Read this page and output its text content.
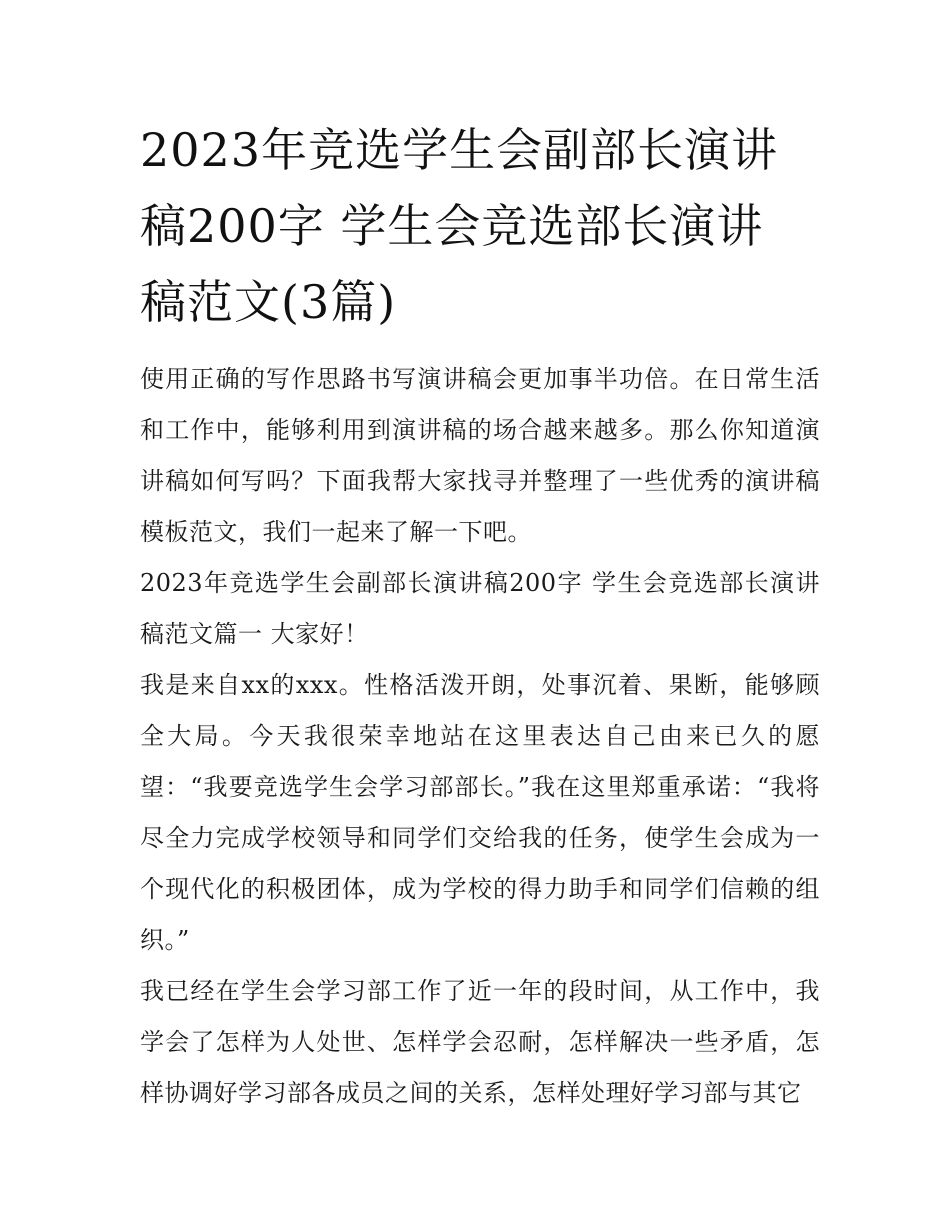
2023年竞选学生会副部长演讲
稿200字 学生会竞选部长演讲
稿范文(3篇)

使用正确的写作思路书写演讲稿会更加事半功倍。在日常生活和工作中，能够利用到演讲稿的场合越来越多。那么你知道演讲稿如何写吗？下面我帮大家找寻并整理了一些优秀的演讲稿模板范文，我们一起来了解一下吧。

2023年竞选学生会副部长演讲稿200字 学生会竞选部长演讲稿范文篇一 大家好！

我是来自xx的xxx。性格活泼开朗，处事沉着、果断，能够顾全大局。今天我很荣幸地站在这里表达自己由来已久的愿望：“我要竞选学生会学习部部长。”我在这里郑重承诺：“我将尽全力完成学校领导和同学们交给我的任务，使学生会成为一个现代化的积极团体，成为学校的得力助手和同学们信赖的组织。”

我已经在学生会学习部工作了近一年的段时间，从工作中，我学会了怎样为人处世、怎样学会忍耐，怎样解决一些矛盾，怎样协调好学习部各成员之间的关系，怎样处理好学习部与其它
